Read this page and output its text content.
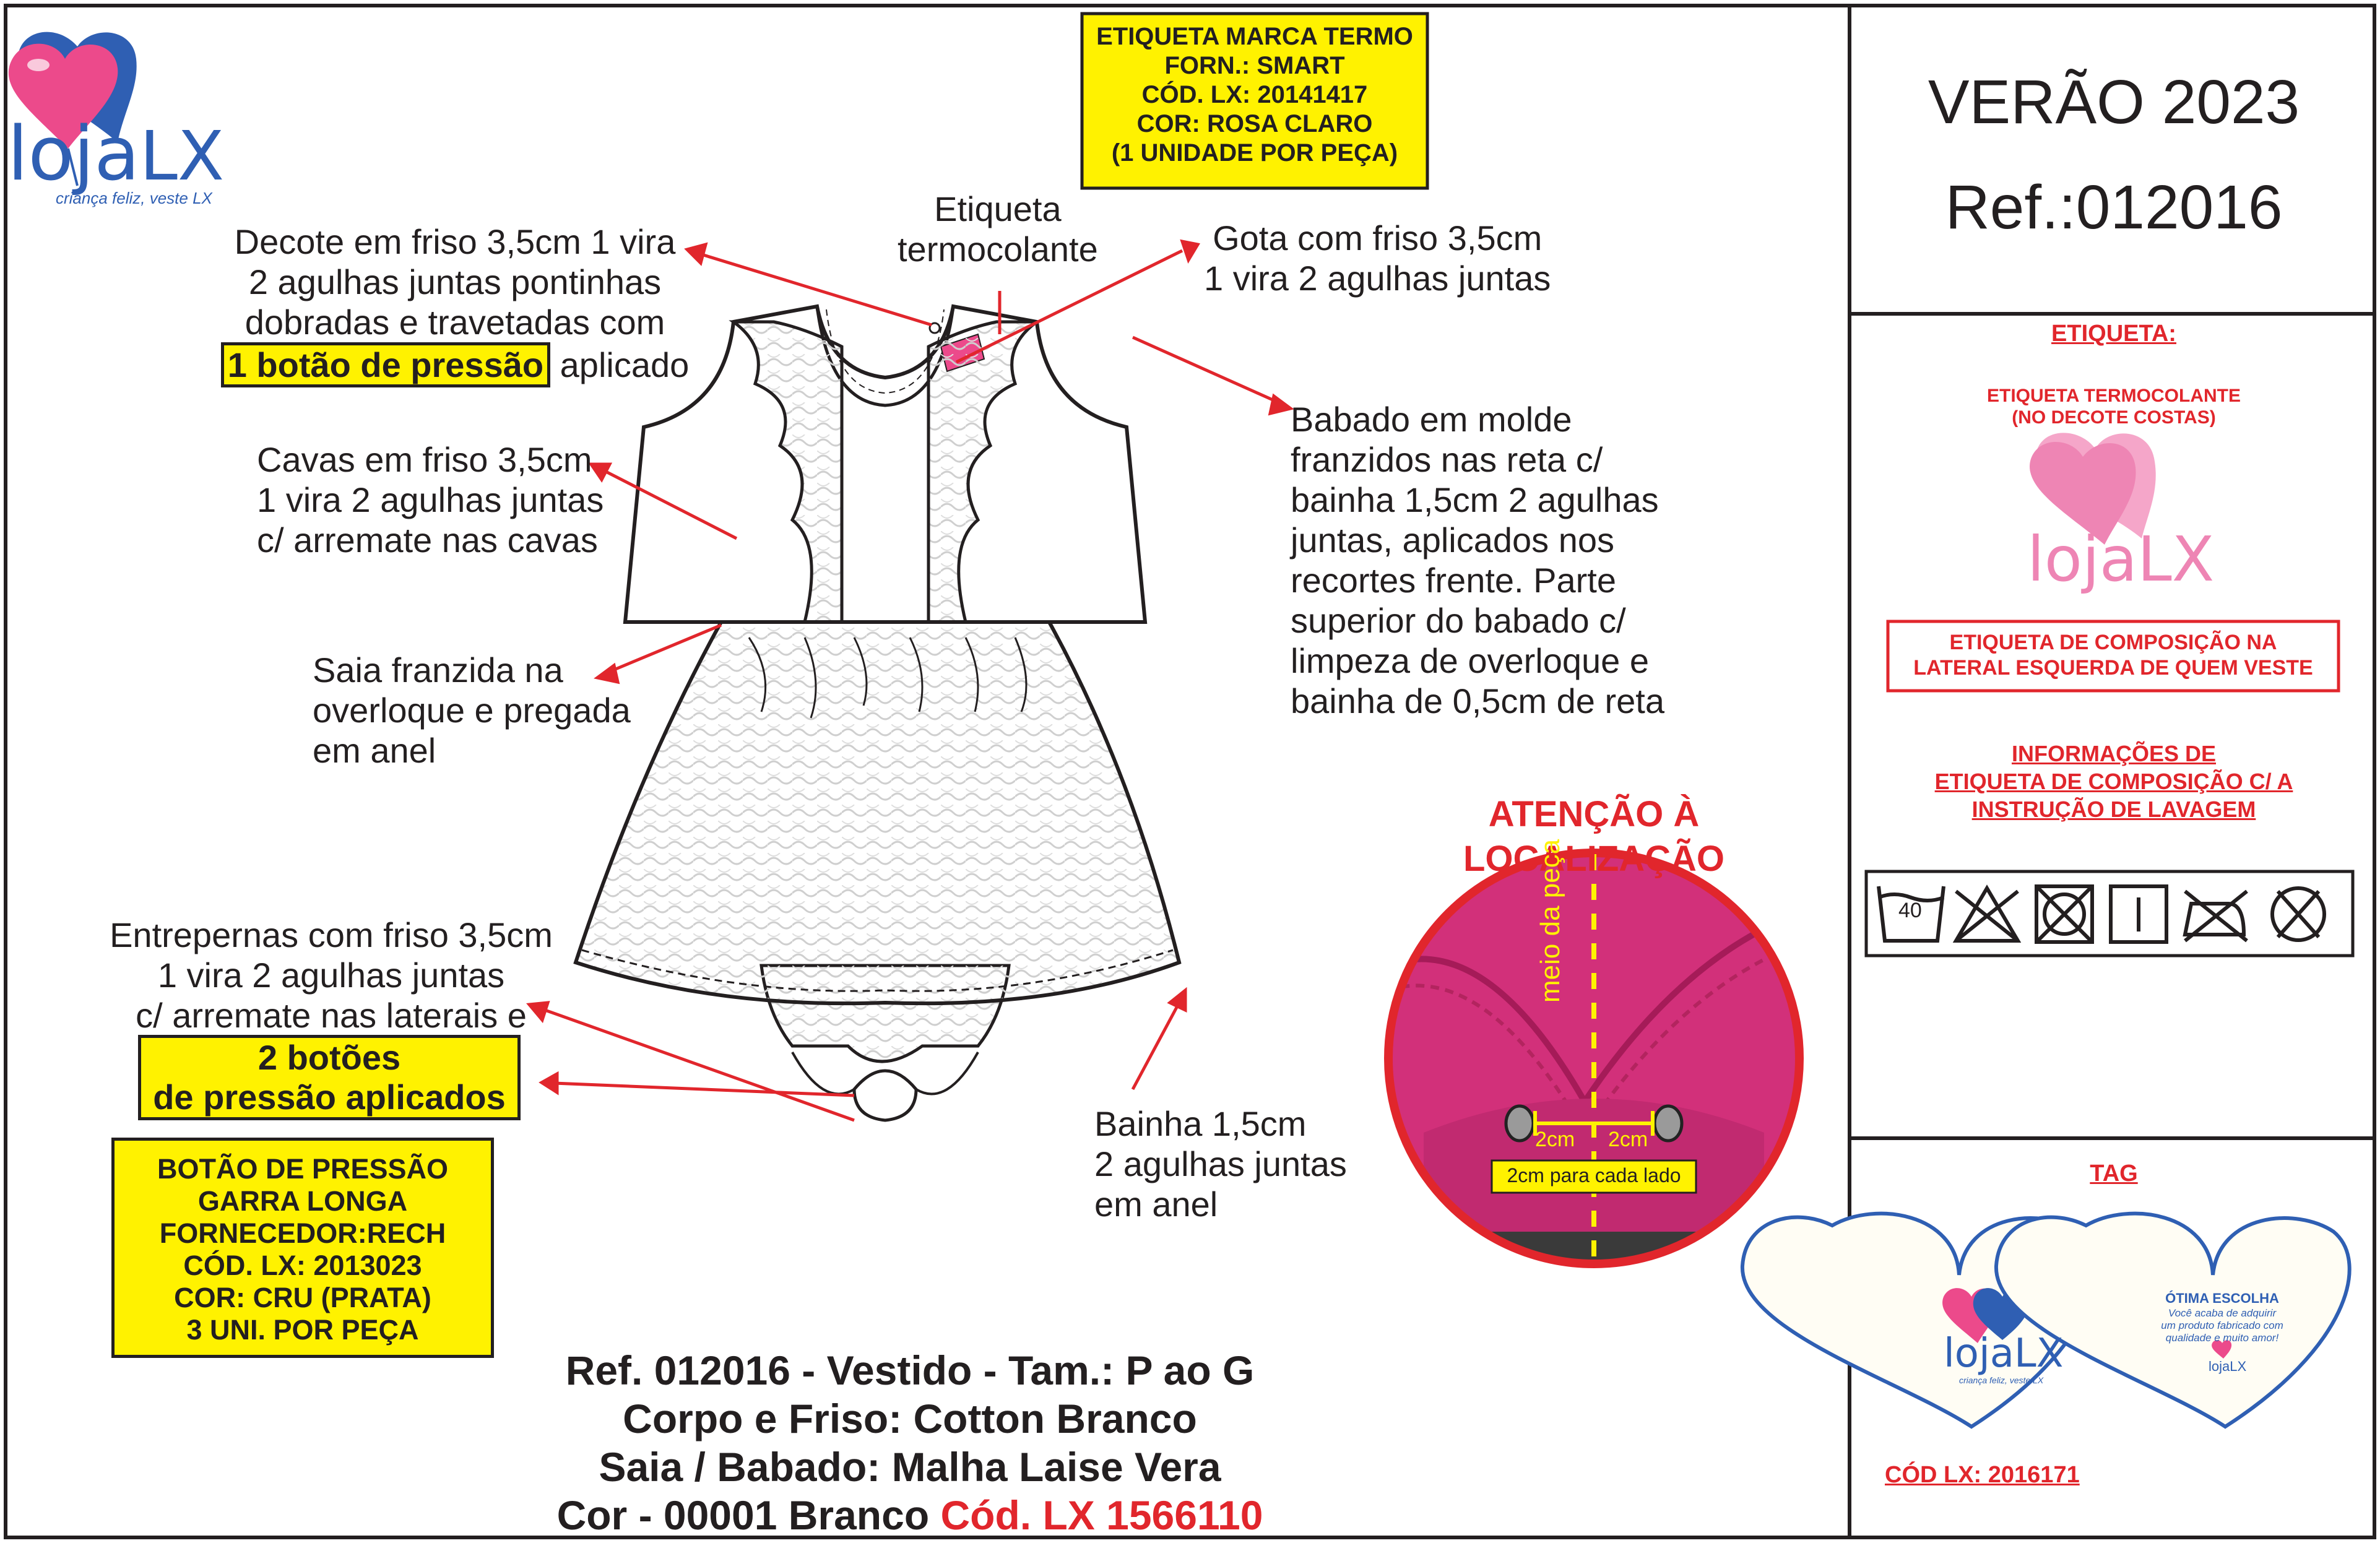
lojaLX
criança feliz, veste LX
ETIQUETA MARCA TERMO
FORN.: SMART
CÓD. LX: 20141417
COR: ROSA CLARO
(1 UNIDADE POR PEÇA)
Etiqueta
termocolante
Decote em friso 3,5cm 1 vira
2 agulhas juntas pontinhas
dobradas e travetadas com
1 botão de pressão aplicado
Gota com friso 3,5cm
1 vira 2 agulhas juntas
Babado em molde
franzidos nas reta c/
bainha 1,5cm 2 agulhas
juntas, aplicados nos
recortes frente. Parte
superior do babado c/
limpeza de overloque e
bainha de 0,5cm de reta
Cavas em friso 3,5cm
1 vira 2 agulhas juntas
c/ arremate nas cavas
Saia franzida na
overloque e pregada
em anel
Entrepernas com friso 3,5cm
1 vira 2 agulhas juntas
c/ arremate nas laterais e
2 botões
de pressão aplicados
Bainha 1,5cm
2 agulhas juntas
em anel
BOTÃO DE PRESSÃO
GARRA LONGA
FORNECEDOR:RECH
CÓD. LX: 2013023
COR: CRU (PRATA)
3 UNI. POR PEÇA
ATENÇÃO À
LOCALIZAÇÃO
meio da peça
2cm 2cm
2cm para cada lado
Ref. 012016 - Vestido - Tam.: P ao G
Corpo e Friso: Cotton Branco
Saia / Babado: Malha Laise Vera
Cor - 00001 Branco Cód. LX 1566110
VERÃO 2023
Ref.:012016
ETIQUETA:
ETIQUETA TERMOCOLANTE
(NO DECOTE COSTAS)
lojaLX
ETIQUETA DE COMPOSIÇÃO NA
LATERAL ESQUERDA DE QUEM VESTE
INFORMAÇÕES DE
ETIQUETA DE COMPOSIÇÃO C/ A
INSTRUÇÃO DE LAVAGEM
40
TAG
lojaLX
criança feliz, veste LX
ÓTIMA ESCOLHA
Você acaba de adquirir
um produto fabricado com
qualidade e muito amor!
lojaLX
CÓD LX: 2016171
